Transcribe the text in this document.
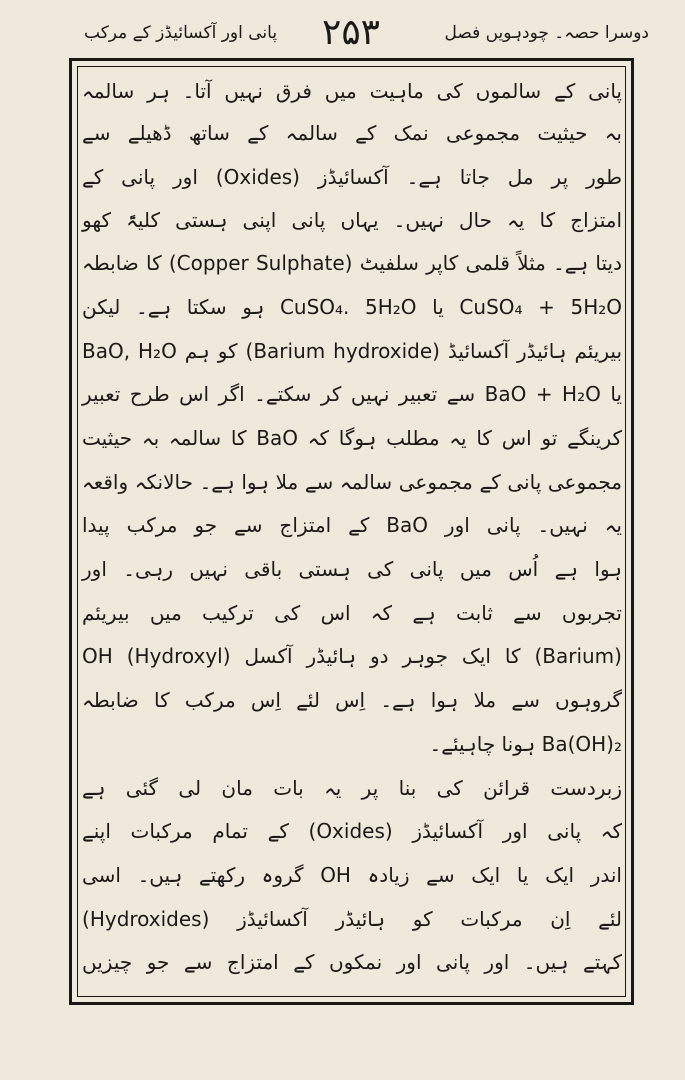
دوسرا حصہ۔ چودہویں فصل
۲۵۳
پانی اور آکسائیڈز کے مرکب
پانی کے سالموں کی ماہیت میں فرق نہیں آتا۔ ہر سالمہ
بہ حیثیت مجموعی نمک کے سالمہ کے ساتھ ڈھیلے سے
طور پر مل جاتا ہے۔ آکسائیڈز (Oxides) اور پانی کے
امتزاج کا یہ حال نہیں۔ یہاں پانی اپنی ہستی کلیۃً کھو
دیتا ہے۔ مثلاً قلمی کاپر سلفیٹ (Copper Sulphate) کا ضابطہ
CuSO₄ + 5H₂O یا CuSO₄. 5H₂O ہو سکتا ہے۔ لیکن
بیریئم ہائیڈر آکسائیڈ (Barium hydroxide) کو ہم BaO, H₂O
یا BaO + H₂O سے تعبیر نہیں کر سکتے۔ اگر اس طرح تعبیر
کرینگے تو اس کا یہ مطلب ہوگا کہ BaO کا سالمہ بہ حیثیت
مجموعی پانی کے مجموعی سالمہ سے ملا ہوا ہے۔ حالانکہ واقعہ
یہ نہیں۔ پانی اور BaO کے امتزاج سے جو مرکب پیدا
ہوا ہے اُس میں پانی کی ہستی باقی نہیں رہی۔ اور
تجربوں سے ثابت ہے کہ اس کی ترکیب میں بیریئم
(Barium) کا ایک جوہر دو ہائیڈر آکسل (Hydroxyl) OH
گروہوں سے ملا ہوا ہے۔ اِس لئے اِس مرکب کا ضابطہ
Ba(OH)₂ ہونا چاہیئے۔
زبردست قرائن کی بنا پر یہ بات مان لی گئی ہے
کہ پانی اور آکسائیڈز (Oxides) کے تمام مرکبات اپنے
اندر ایک یا ایک سے زیادہ OH گروہ رکھتے ہیں۔ اسی
لئے اِن مرکبات کو ہائیڈر آکسائیڈز (Hydroxides)
کہتے ہیں۔ اور پانی اور نمکوں کے امتزاج سے جو چیزیں
